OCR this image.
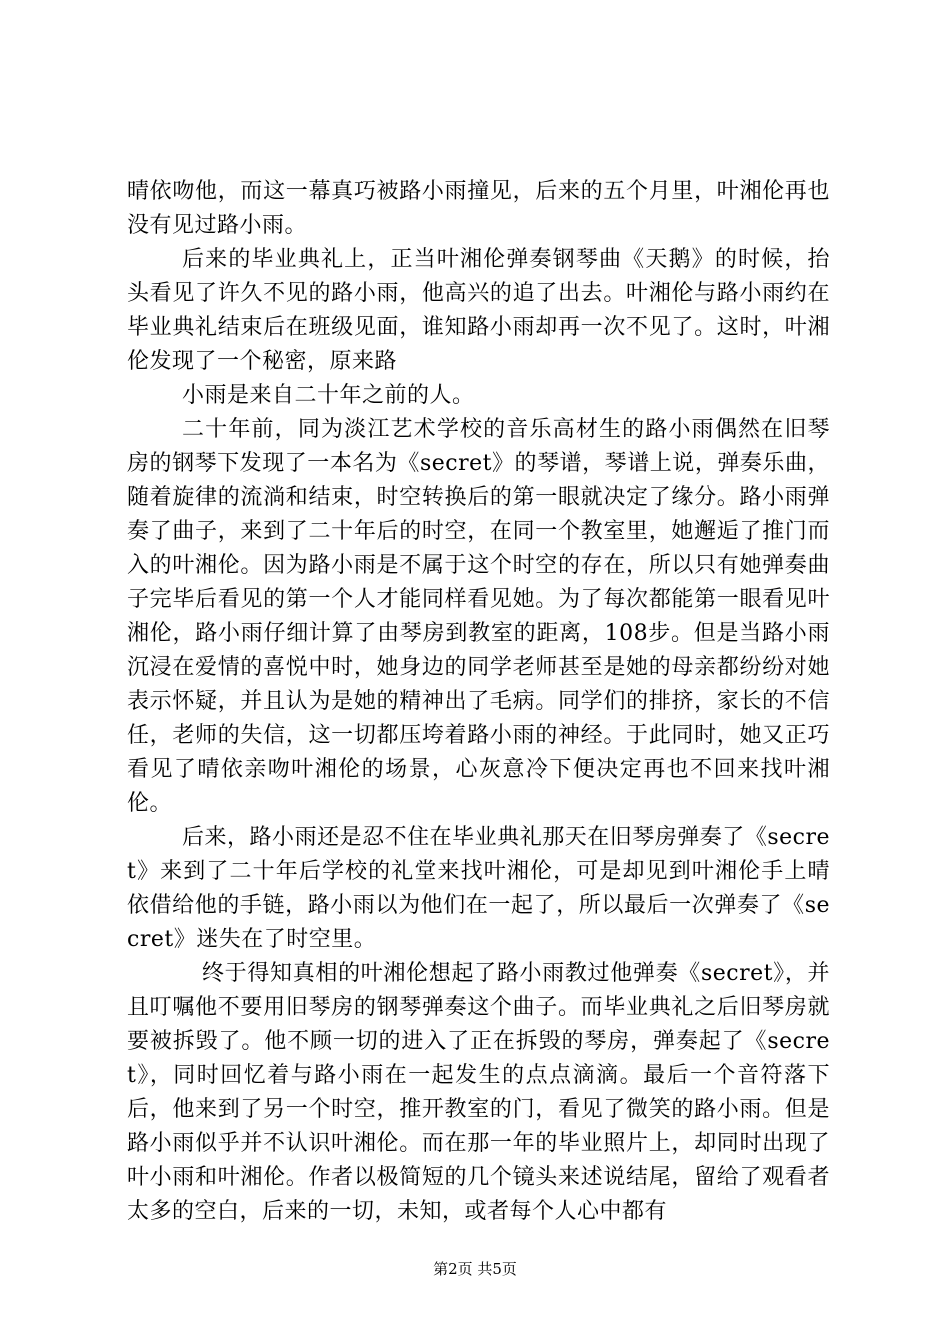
晴依吻他，而这一幕真巧被路小雨撞见，后来的五个月里，叶湘伦再也没有见过路小雨。

后来的毕业典礼上，正当叶湘伦弹奏钢琴曲《天鹅》的时候，抬头看见了许久不见的路小雨，他高兴的追了出去。叶湘伦与路小雨约在毕业典礼结束后在班级见面，谁知路小雨却再一次不见了。这时，叶湘伦发现了一个秘密，原来路

小雨是来自二十年之前的人。

二十年前，同为淡江艺术学校的音乐高材生的路小雨偶然在旧琴房的钢琴下发现了一本名为《secret》的琴谱，琴谱上说，弹奏乐曲，随着旋律的流淌和结束，时空转换后的第一眼就决定了缘分。路小雨弹奏了曲子，来到了二十年后的时空，在同一个教室里，她邂逅了推门而入的叶湘伦。因为路小雨是不属于这个时空的存在，所以只有她弹奏曲子完毕后看见的第一个人才能同样看见她。为了每次都能第一眼看见叶湘伦，路小雨仔细计算了由琴房到教室的距离，108步。但是当路小雨沉浸在爱情的喜悦中时，她身边的同学老师甚至是她的母亲都纷纷对她表示怀疑，并且认为是她的精神出了毛病。同学们的排挤，家长的不信任，老师的失信，这一切都压垮着路小雨的神经。于此同时，她又正巧看见了晴依亲吻叶湘伦的场景，心灰意冷下便决定再也不回来找叶湘伦。

后来，路小雨还是忍不住在毕业典礼那天在旧琴房弹奏了《secret》来到了二十年后学校的礼堂来找叶湘伦，可是却见到叶湘伦手上晴依借给他的手链，路小雨以为他们在一起了，所以最后一次弹奏了《secret》迷失在了时空里。

终于得知真相的叶湘伦想起了路小雨教过他弹奏《secret》，并且叮嘱他不要用旧琴房的钢琴弹奏这个曲子。而毕业典礼之后旧琴房就要被拆毁了。他不顾一切的进入了正在拆毁的琴房，弹奏起了《secret》，同时回忆着与路小雨在一起发生的点点滴滴。最后一个音符落下后，他来到了另一个时空，推开教室的门，看见了微笑的路小雨。但是路小雨似乎并不认识叶湘伦。而在那一年的毕业照片上，却同时出现了叶小雨和叶湘伦。作者以极简短的几个镜头来述说结尾，留给了观看者太多的空白，后来的一切，未知，或者每个人心中都有

第2页 共5页
